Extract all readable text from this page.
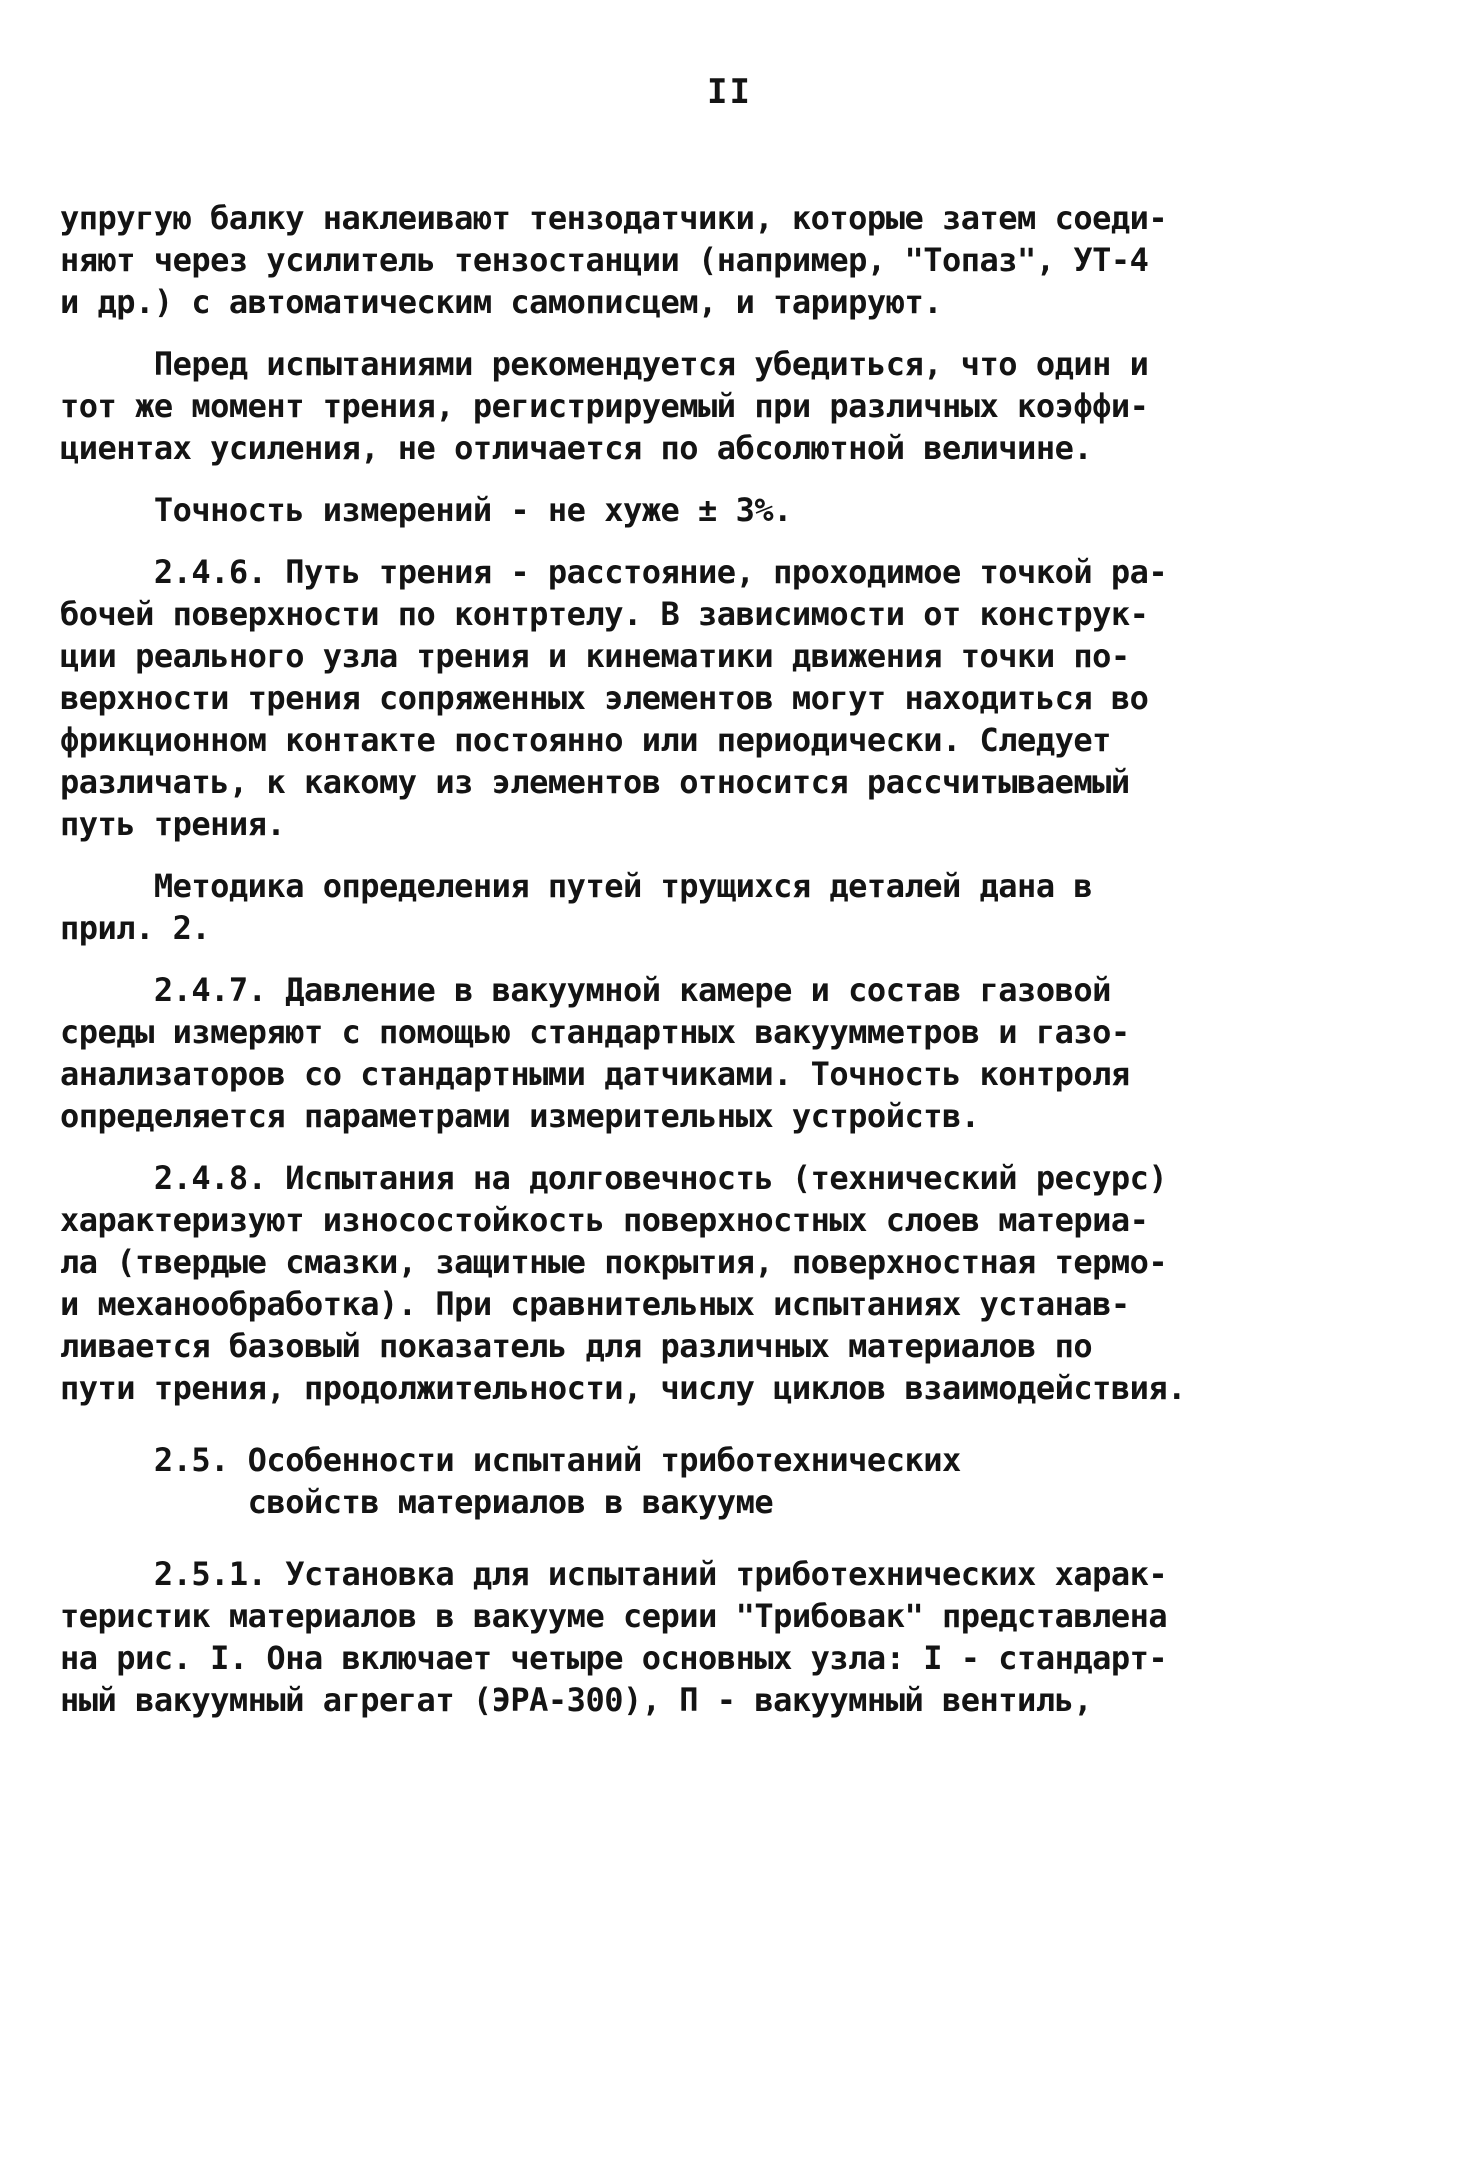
II
упругую балку наклеивают тензодатчики, которые затем соеди-
няют через усилитель тензостанции (например, "Топаз", УТ-4
и др.) с автоматическим самописцем, и тарируют.
Перед испытаниями рекомендуется убедиться, что один и
тот же момент трения, регистрируемый при различных коэффи-
циентах усиления, не отличается по абсолютной величине.
Точность измерений - не хуже ± 3%.
2.4.6. Путь трения - расстояние, проходимое точкой ра-
бочей поверхности по контртелу. В зависимости от конструк-
ции реального узла трения и кинематики движения точки по-
верхности трения сопряженных элементов могут находиться во
фрикционном контакте постоянно или периодически. Следует
различать, к какому из элементов относится рассчитываемый
путь трения.
Методика определения путей трущихся деталей дана в
прил. 2.
2.4.7. Давление в вакуумной камере и состав газовой
среды измеряют с помощью стандартных вакуумметров и газо-
анализаторов со стандартными датчиками. Точность контроля
определяется параметрами измерительных устройств.
2.4.8. Испытания на долговечность (технический ресурс)
характеризуют износостойкость поверхностных слоев материа-
ла (твердые смазки, защитные покрытия, поверхностная термо-
и механообработка). При сравнительных испытаниях устанав-
ливается базовый показатель для различных материалов по
пути трения, продолжительности, числу циклов взаимодействия.
2.5. Особенности испытаний триботехнических
свойств материалов в вакууме
2.5.1. Установка для испытаний триботехнических харак-
теристик материалов в вакууме серии "Трибовак" представлена
на рис. I. Она включает четыре основных узла: I - стандарт-
ный вакуумный агрегат (ЭРА-300), П - вакуумный вентиль,
